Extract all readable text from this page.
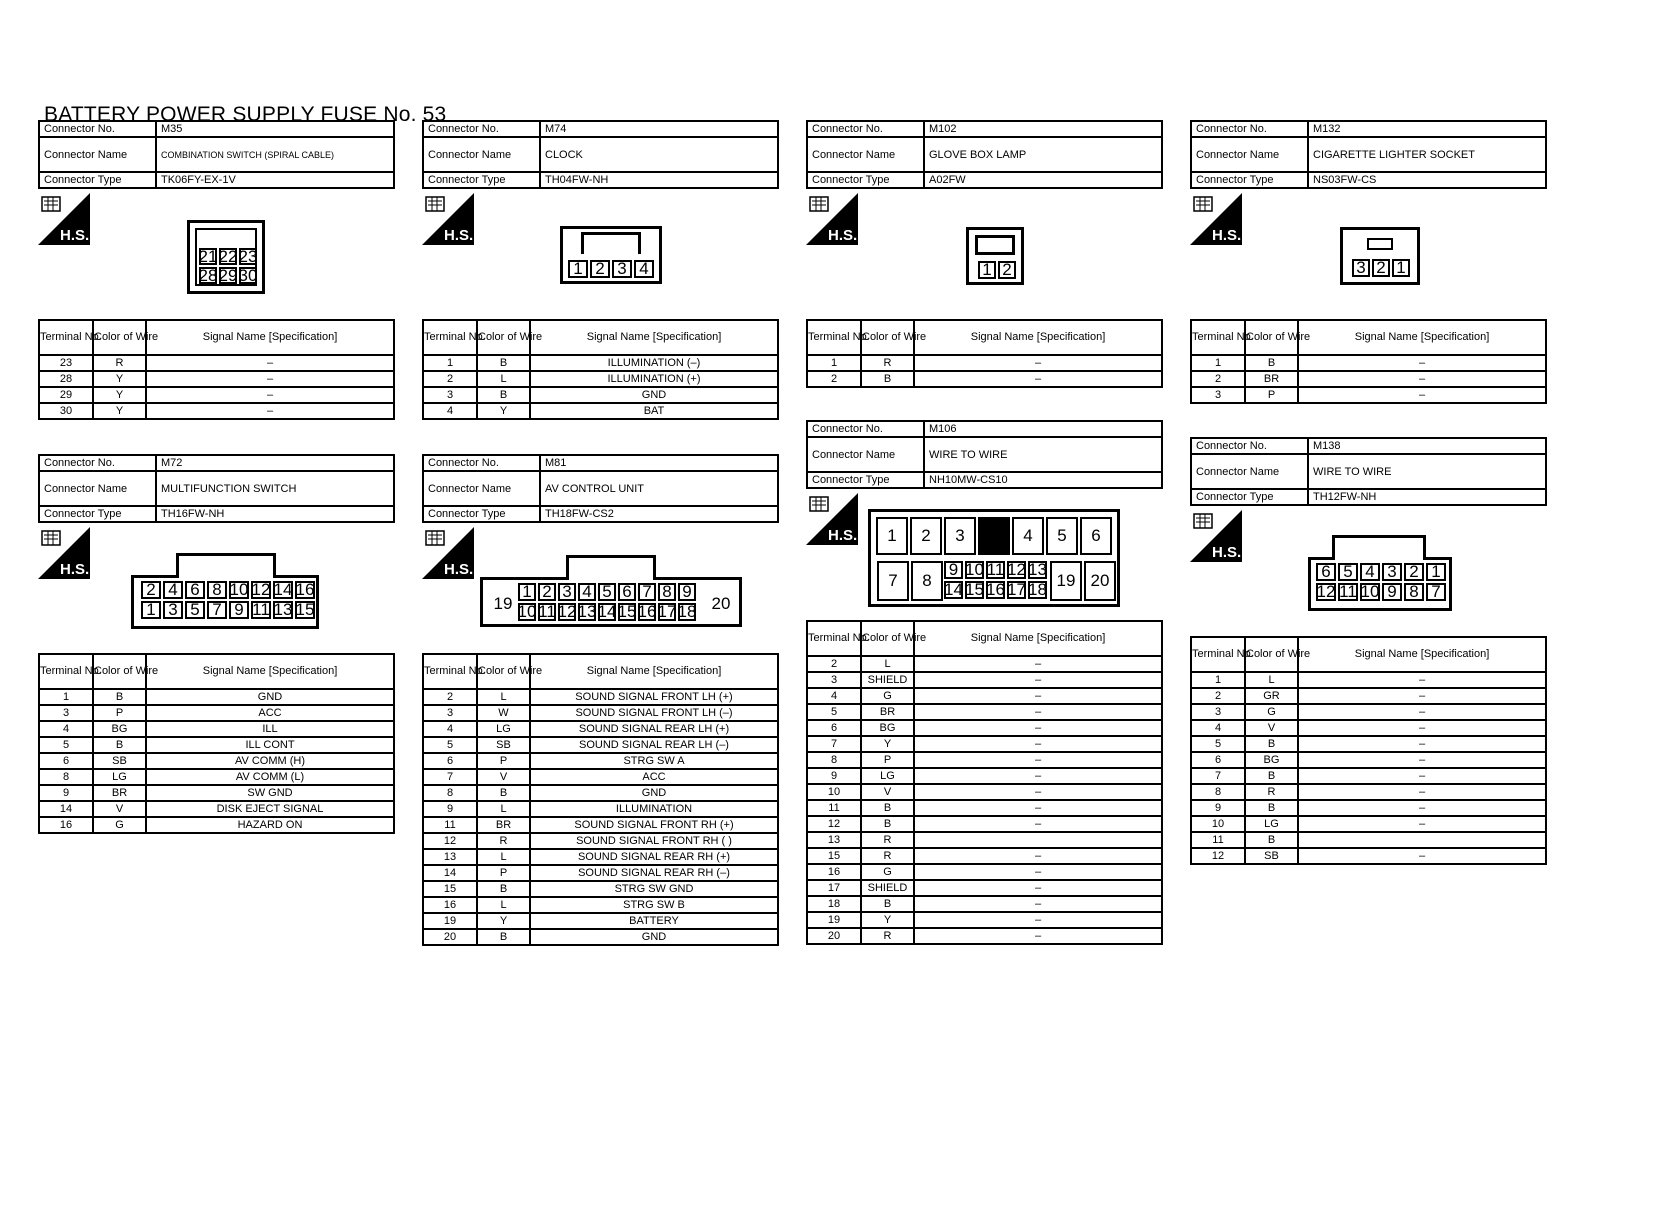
BATTERY POWER SUPPLY FUSE No. 53
Connector No.	M35
Connector Name	COMBINATION SWITCH (SPIRAL CABLE)
Connector Type	TK06FY-EX-1V
H.S.
21 22 23
28 29 30
Terminal No.	Color of Wire	Signal Name [Specification]
23	R	–
28	Y	–
29	Y	–
30	Y	–
Connector No.	M74
Connector Name	CLOCK
Connector Type	TH04FW-NH
H.S.
1 2 3 4
Terminal No.	Color of Wire	Signal Name [Specification]
1	B	ILLUMINATION (–)
2	L	ILLUMINATION (+)
3	B	GND
4	Y	BAT
Connector No.	M102
Connector Name	GLOVE BOX LAMP
Connector Type	A02FW
H.S.
1 2
Terminal No.	Color of Wire	Signal Name [Specification]
1	R	–
2	B	–
Connector No.	M132
Connector Name	CIGARETTE LIGHTER SOCKET
Connector Type	NS03FW-CS
H.S.
3 2 1
Terminal No.	Color of Wire	Signal Name [Specification]
1	B	–
2	BR	–
3	P	–
Connector No.	M72
Connector Name	MULTIFUNCTION SWITCH
Connector Type	TH16FW-NH
H.S.
2 4 6 8 10 12 14 16
1 3 5 7 9 11 13 15
Terminal No.	Color of Wire	Signal Name [Specification]
1	B	GND
3	P	ACC
4	BG	ILL
5	B	ILL CONT
6	SB	AV COMM (H)
8	LG	AV COMM (L)
9	BR	SW GND
14	V	DISK EJECT SIGNAL
16	G	HAZARD ON
Connector No.	M81
Connector Name	AV CONTROL UNIT
Connector Type	TH18FW-CS2
H.S.
19
1 2 3 4 5 6 7 8 9
10 11 12 13 14 15 16 17 18 20
Terminal No.	Color of Wire	Signal Name [Specification]
2	L	SOUND SIGNAL FRONT LH (+)
3	W	SOUND SIGNAL FRONT LH (–)
4	LG	SOUND SIGNAL REAR LH (+)
5	SB	SOUND SIGNAL REAR LH (–)
6	P	STRG SW A
7	V	ACC
8	B	GND
9	L	ILLUMINATION
11	BR	SOUND SIGNAL FRONT RH (+)
12	R	SOUND SIGNAL FRONT RH ( )
13	L	SOUND SIGNAL REAR RH (+)
14	P	SOUND SIGNAL REAR RH (–)
15	B	STRG SW GND
16	L	STRG SW B
19	Y	BATTERY
20	B	GND
Connector No.	M106
Connector Name	WIRE TO WIRE
Connector Type	NH10MW-CS10
H.S.	1	2	3	4	5	6
7	8
9 10 11 12 13
14 15 16 17 18 19 20
Terminal No.	Color of Wire	Signal Name [Specification]
2	L	–
3	SHIELD	–
4	G	–
5	BR	–
6	BG	–
7	Y	–
8	P	–
9	LG	–
10	V	–
11	B	–
12	B	–
13	R	
15	R	–
16	G	–
17	SHIELD	–
18	B	–
19	Y	–
20	R	–
Connector No.	M138
Connector Name	WIRE TO WIRE
Connector Type	TH12FW-NH
H.S.
6 5 4 3 2 1
12 11 10 9 8 7
Terminal No.	Color of Wire	Signal Name [Specification]
1	L	–
2	GR	–
3	G	–
4	V	–
5	B	–
6	BG	–
7	B	–
8	R	–
9	B	–
10	LG	–
11	B	
12	SB	–
